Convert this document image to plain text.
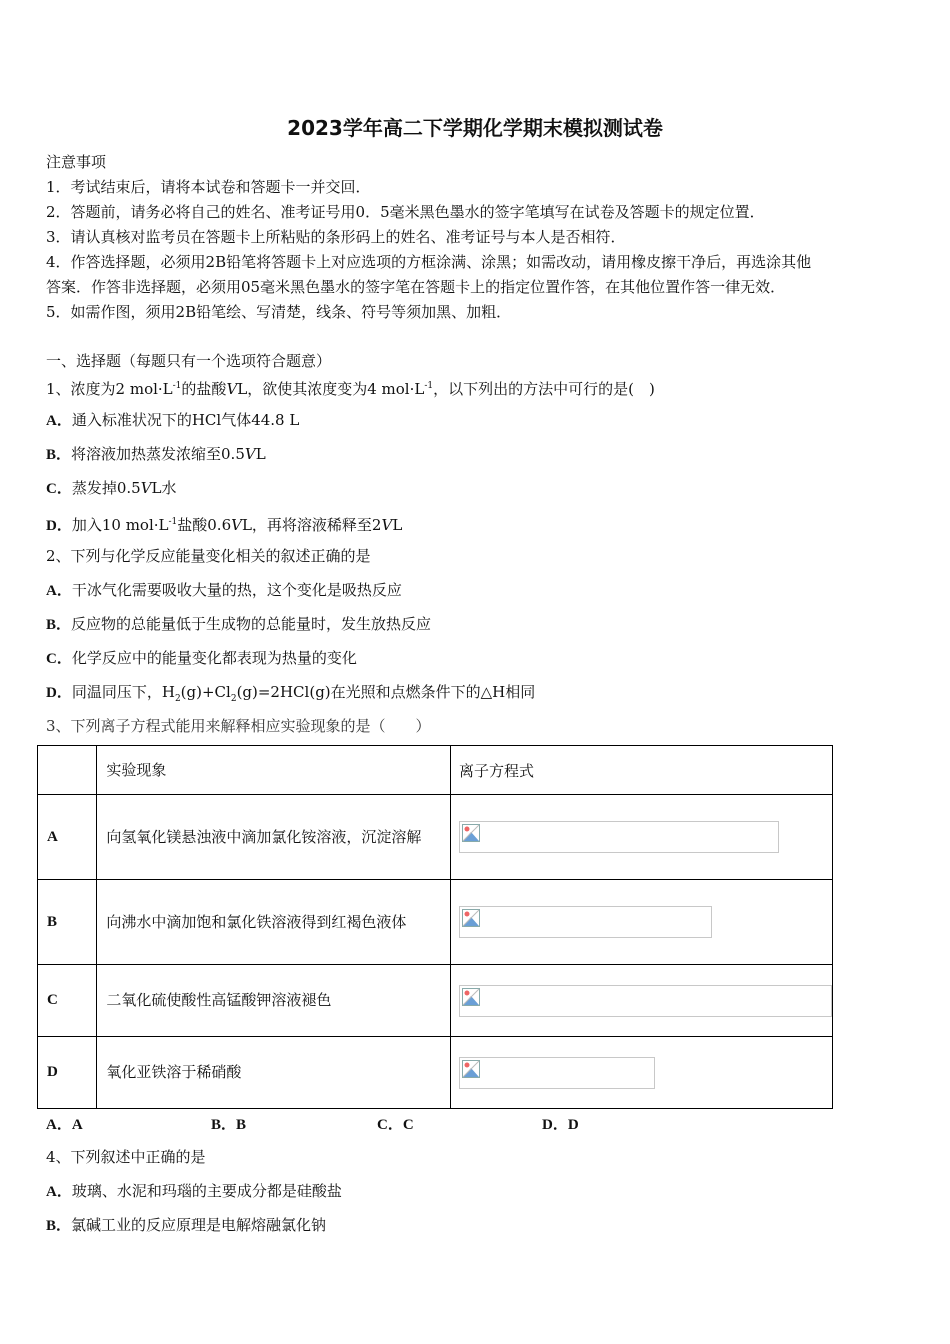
2023学年高二下学期化学期末模拟测试卷
注意事项
1．考试结束后，请将本试卷和答题卡一并交回．
2．答题前，请务必将自己的姓名、准考证号用0．5毫米黑色墨水的签字笔填写在试卷及答题卡的规定位置．
3．请认真核对监考员在答题卡上所粘贴的条形码上的姓名、准考证号与本人是否相符．
4．作答选择题，必须用2B铅笔将答题卡上对应选项的方框涂满、涂黑；如需改动，请用橡皮擦干净后，再选涂其他
答案．作答非选择题，必须用05毫米黑色墨水的签字笔在答题卡上的指定位置作答，在其他位置作答一律无效．
5．如需作图，须用2B铅笔绘、写清楚，线条、符号等须加黑、加粗．
一、选择题（每题只有一个选项符合题意）
1、浓度为2 $mol\cdot L^{-1}$的盐酸VL，欲使其浓度变为4 $mol\cdot L^{-1}$，以下列出的方法中可行的是(　)
A．通入标准状况下的HCl气体44.8 L
B．将溶液加热蒸发浓缩至0.5VL
C．蒸发掉0.5VL水
D．加入10 $mol\cdot L^{-1}$盐酸0.6VL，再将溶液稀释至2VL
2、下列与化学反应能量变化相关的叙述正确的是
A．干冰气化需要吸收大量的热，这个变化是吸热反应
B．反应物的总能量低于生成物的总能量时，发生放热反应
C．化学反应中的能量变化都表现为热量的变化
D．同温同压下，$H_2(g)+Cl_2(g)=2HCl(g)$在光照和点燃条件下的△H相同
3、下列离子方程式能用来解释相应实验现象的是（　　）
	实验现象	离子方程式
A	向氢氧化镁悬浊液中滴加氯化铵溶液，沉淀溶解	

B	向沸水中滴加饱和氯化铁溶液得到红褐色液体	

C	二氧化硫使酸性高锰酸钾溶液褪色	

D	氧化亚铁溶于稀硝酸	
A．A	B．B	C．C	D．D
4、下列叙述中正确的是
A．玻璃、水泥和玛瑙的主要成分都是硅酸盐
B．氯碱工业的反应原理是电解熔融氯化钠
